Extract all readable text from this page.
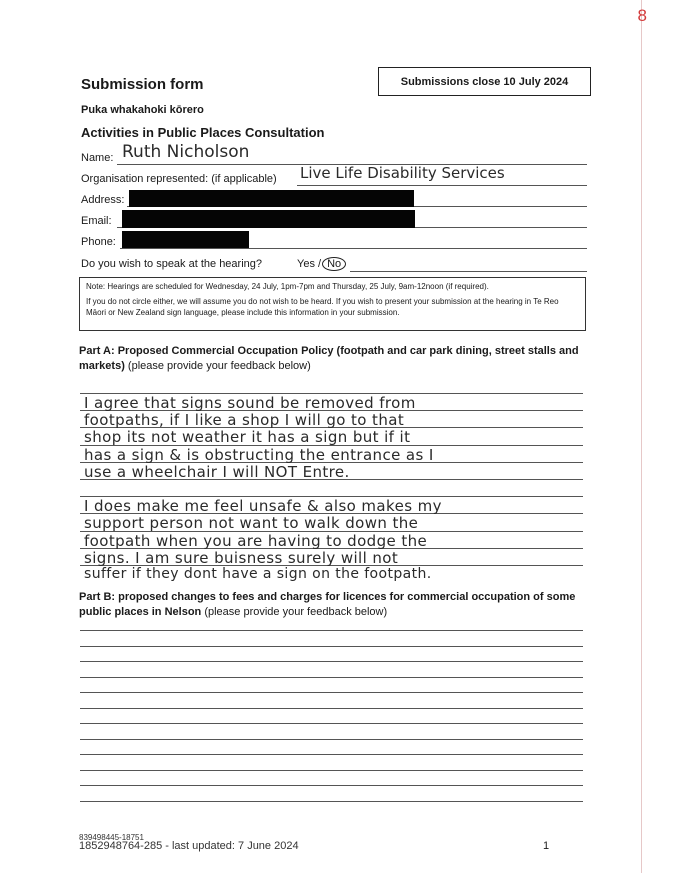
8
Submissions close 10 July 2024
Submission form
Puka whakahoki kōrero
Activities in Public Places Consultation
Name: Ruth Nicholson
Organisation represented: (if applicable) Live Life Disability Services
Address:
Email:
Phone:
Do you wish to speak at the hearing?	Yes / No
Note: Hearings are scheduled for Wednesday, 24 July, 1pm-7pm and Thursday, 25 July, 9am-12noon (if required).
If you do not circle either, we will assume you do not wish to be heard. If you wish to present your submission at the hearing in Te Reo Māori or New Zealand sign language, please include this information in your submission.
Part A: Proposed Commercial Occupation Policy (footpath and car park dining, street stalls and markets) (please provide your feedback below)
I agree that signs sound be removed from
footpaths, if I like a shop I will go to that
shop its not weather it has a sign but if it
has a sign & is obstructing the entrance as I
use a wheelchair I will NOT Entre.
I does make me feel unsafe & also makes my
support person not want to walk down the
footpath when you are having to dodge the
signs. I am sure buisness surely will not
suffer if they dont have a sign on the footpath.
Part B: proposed changes to fees and charges for licences for commercial occupation of some public places in Nelson (please provide your feedback below)
839498445-18751
1852948764-285 - last updated: 7 June 2024	1
